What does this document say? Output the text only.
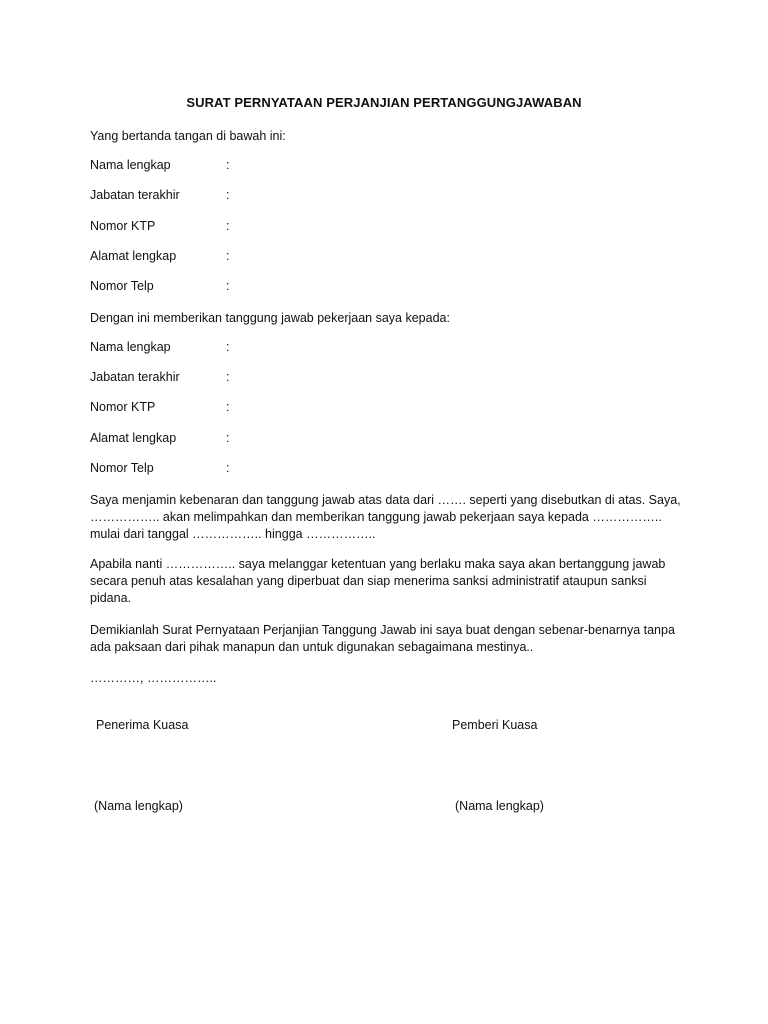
SURAT PERNYATAAN PERJANJIAN PERTANGGUNGJAWABAN
Yang bertanda tangan di bawah ini:
Nama lengkap	:
Jabatan terakhir	:
Nomor KTP	:
Alamat lengkap	:
Nomor Telp	:
Dengan ini memberikan tanggung jawab pekerjaan saya kepada:
Nama lengkap	:
Jabatan terakhir	:
Nomor KTP	:
Alamat lengkap	:
Nomor Telp	:
Saya menjamin kebenaran dan tanggung jawab atas data dari ……. seperti yang disebutkan di atas. Saya, …………….. akan melimpahkan dan memberikan tanggung jawab pekerjaan saya kepada …………….. mulai dari tanggal …………….. hingga ……………..
Apabila nanti …………….. saya melanggar ketentuan yang berlaku maka saya akan bertanggung jawab secara penuh atas kesalahan yang diperbuat dan siap menerima sanksi administratif ataupun sanksi pidana.
Demikianlah Surat Pernyataan Perjanjian Tanggung Jawab ini saya buat dengan sebenar-benarnya tanpa ada paksaan dari pihak manapun dan untuk digunakan sebagaimana mestinya..
…………, ……………..
Penerima Kuasa	Pemberi Kuasa
(Nama lengkap)	(Nama lengkap)
